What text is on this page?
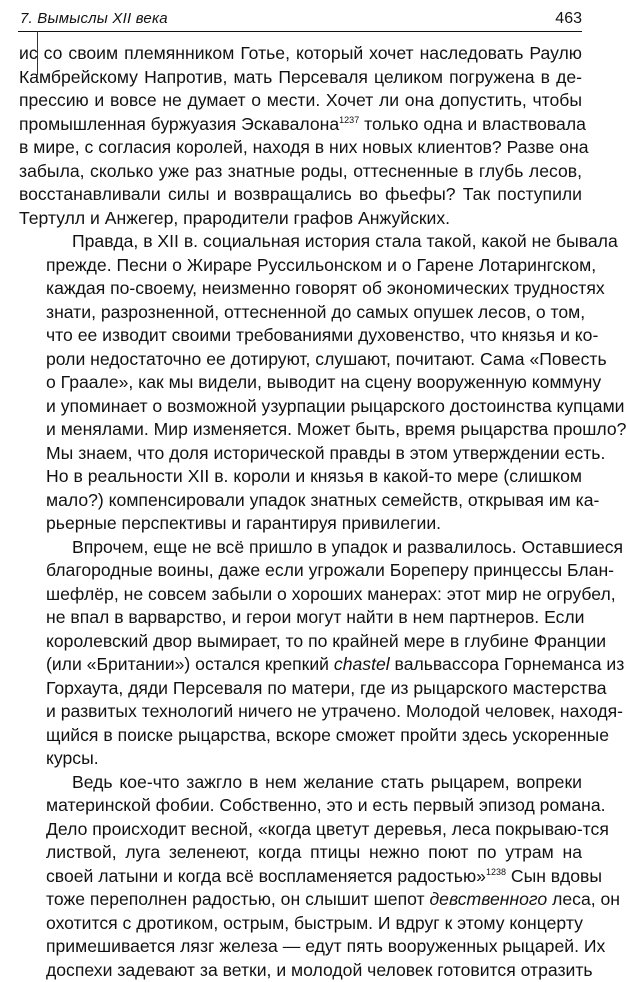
7. Вымыслы XII века	463

ис со своим племянником Готье, который хочет наследовать Раулю
Камбрейскому Напротив, мать Персеваля целиком погружена в де-
прессию и вовсе не думает о мести. Хочет ли она допустить, чтобы
промышленная буржуазия Эскавалона$^{1237}$ только одна и властвовала
в мире, с согласия королей, находя в них новых клиентов? Разве она
забыла, сколько уже раз знатные роды, оттесненные в глубь лесов,
восстанавливали силы и возвращались во фьефы? Так поступили
Тертулл и Анжегер, прародители графов Анжуйских.

Правда, в XII в. социальная история стала такой, какой не бывала
прежде. Песни о Жираре Руссильонском и о Гарене Лотарингском,
каждая по-своему, неизменно говорят об экономических трудностях
знати, разрозненной, оттесненной до самых опушек лесов, о том,
что ее изводит своими требованиями духовенство, что князья и ко-
роли недостаточно ее дотируют, слушают, почитают. Сама «Повесть
о Граале», как мы видели, выводит на сцену вооруженную коммуну
и упоминает о возможной узурпации рыцарского достоинства купцами
и менялами. Мир изменяется. Может быть, время рыцарства прошло?
Мы знаем, что доля исторической правды в этом утверждении есть.
Но в реальности XII в. короли и князья в какой-то мере (слишком
мало?) компенсировали упадок знатных семейств, открывая им ка-
рьерные перспективы и гарантируя привилегии.

Впрочем, еще не всё пришло в упадок и развалилось. Оставшиеся
благородные воины, даже если угрожали Борепеpу принцессы Блан-
шефлёр, не совсем забыли о хороших манерах: этот мир не огрубел,
не впал в варварство, и герои могут найти в нем партнеров. Если
королевский двор вымирает, то по крайней мере в глубине Франции
(или «Британии») остался крепкий chastel вальвассора Горнеманса из
Горхаута, дяди Персеваля по матери, где из рыцарского мастерства
и развитых технологий ничего не утрачено. Молодой человек, находя-
щийся в поиске рыцарства, вскоре сможет пройти здесь ускоренные
курсы.

Ведь кое-что зажгло в нем желание стать рыцарем, вопреки
материнской фобии. Собственно, это и есть первый эпизод романа.
Дело происходит весной, «когда цветут деревья, леса покрываю-тся
листвой, луга зеленеют, когда птицы нежно поют по утрам на
своей латыни и когда всё воспламеняется радостью»$^{1238}$ Сын вдовы
тоже переполнен радостью, он слышит шепот девственного леса, он
охотится с дротиком, острым, быстрым. И вдруг к этому концерту
примешивается лязг железа — едут пять вооруженных рыцарей. Их
доспехи задевают за ветки, и молодой человек готовится отразить
